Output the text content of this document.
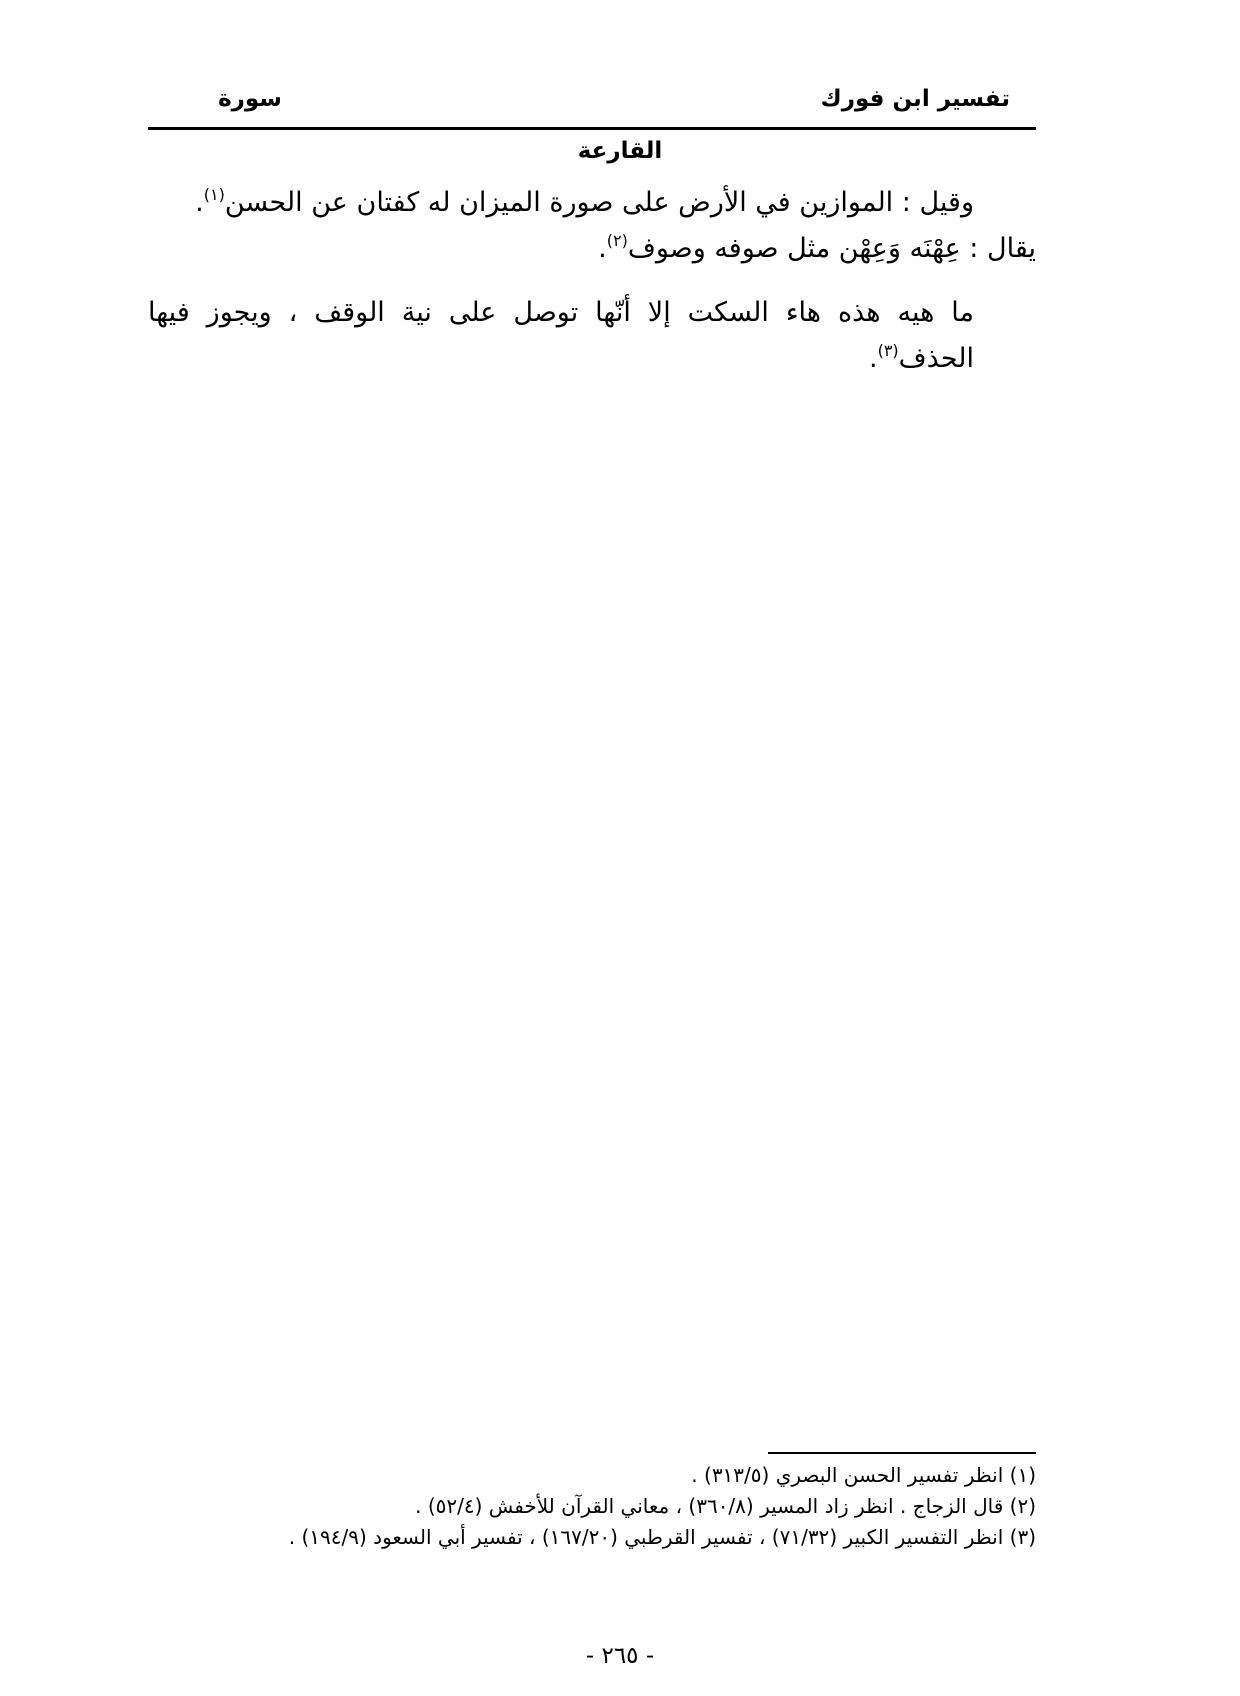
تفسير ابن فورك
سورة
القارعة

وقيل : الموازين في الأرض على صورة الميزان له كفتان عن الحسن$^{(١)}$.

يقال : عِهْنَه وَعِهْن مثل صوفه وصوف$^{(٢)}$.

ما هيه هذه هاء السكت إلا أنّها توصل على نية الوقف ، ويجوز فيها الحذف$^{(٣)}$.

(١) انظر تفسير الحسن البصري (٣١٣/٥) .
(٢) قال الزجاج . انظر زاد المسير (٣٦٠/٨) ، معاني القرآن للأخفش (٥٢/٤) .
(٣) انظر التفسير الكبير (٧١/٣٢) ، تفسير القرطبي (١٦٧/٢٠) ، تفسير أبي السعود (١٩٤/٩) .
- ٢٦٥ -
